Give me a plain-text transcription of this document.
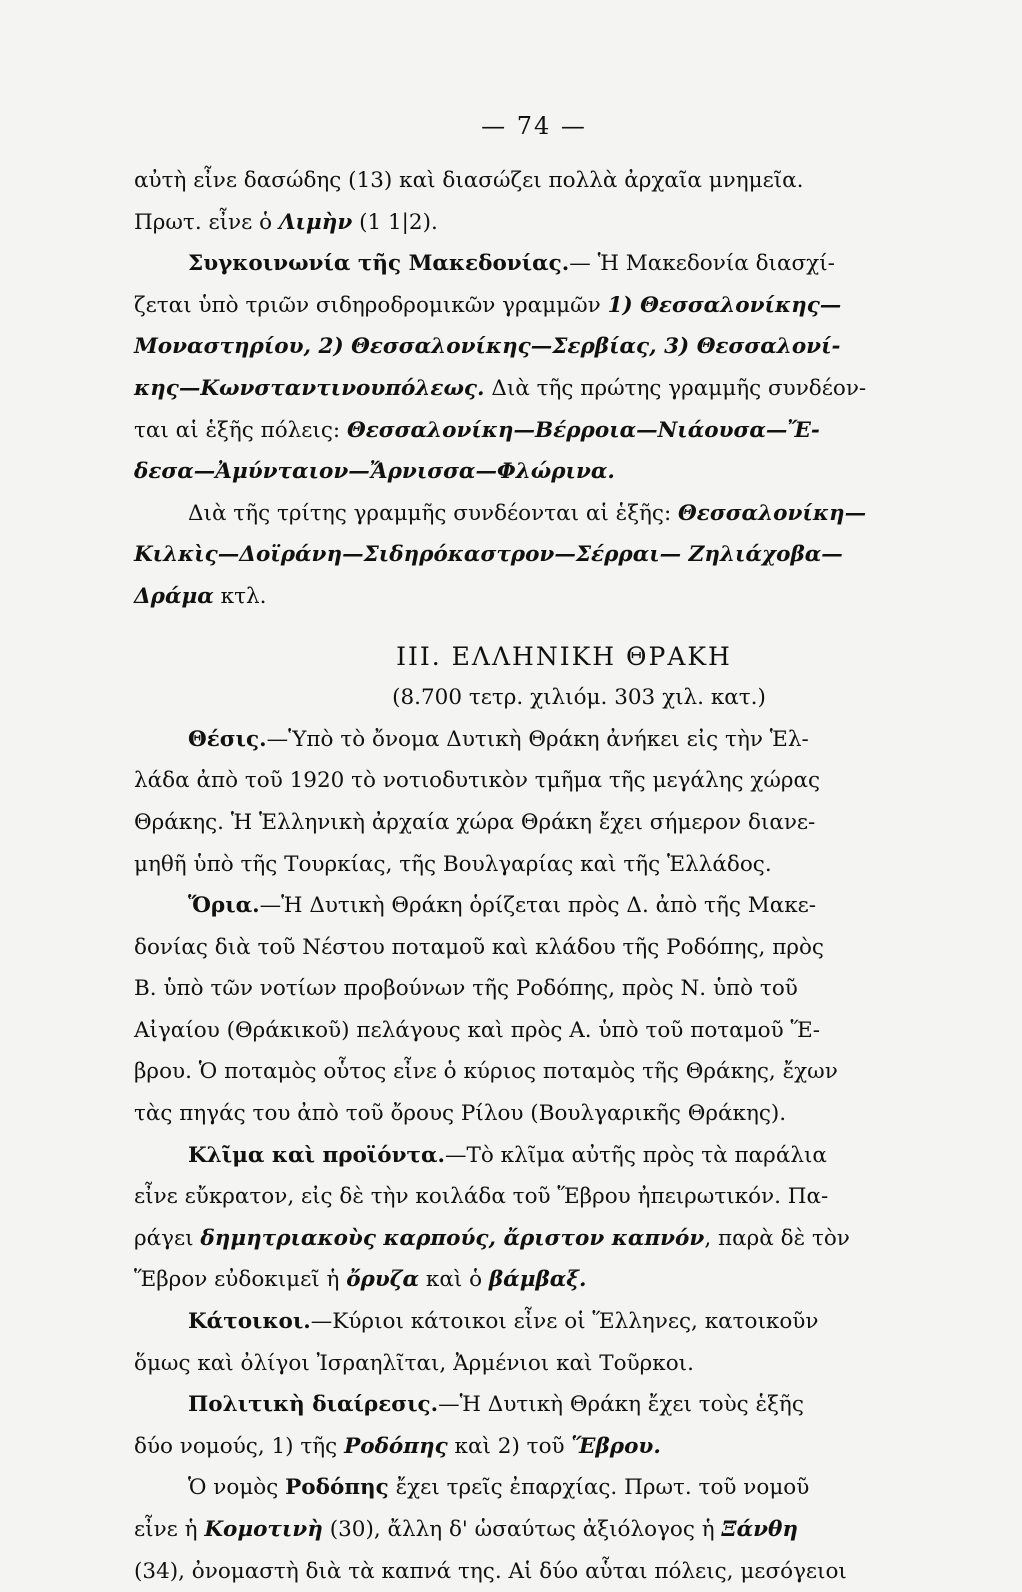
— 74 —
αὐτὴ εἶνε δασώδης (13) καὶ διασώζει πολλὰ ἀρχαῖα μνημεῖα.
Πρωτ. εἶνε ὁ Λιμὴν (1 1|2).
Συγκοινωνία τῆς Μακεδονίας.— Ἡ Μακεδονία διασχί-
ζεται ὑπὸ τριῶν σιδηροδρομικῶν γραμμῶν 1) Θεσσαλονίκης—
Μοναστηρίου, 2) Θεσσαλονίκης—Σερβίας, 3) Θεσσαλονί-
κης—Κωνσταντινουπόλεως. Διὰ τῆς πρώτης γραμμῆς συνδέον-
ται αἱ ἑξῆς πόλεις: Θεσσαλονίκη—Βέρροια—Νιάουσα—Ἔ-
δεσα—Ἀμύνταιον—Ἄρνισσα—Φλώρινα.
Διὰ τῆς τρίτης γραμμῆς συνδέονται αἱ ἑξῆς: Θεσσαλονίκη—
Κιλκὶς—Δοϊράνη—Σιδηρόκαστρον—Σέρραι— Ζηλιάχοβα—
Δράμα κτλ.
III. ΕΛΛΗΝΙΚΗ ΘΡΑΚΗ
(8.700 τετρ. χιλιόμ. 303 χιλ. κατ.)
Θέσις.—Ὑπὸ τὸ ὄνομα Δυτικὴ Θράκη ἀνήκει εἰς τὴν Ἑλ-
λάδα ἀπὸ τοῦ 1920 τὸ νοτιοδυτικὸν τμῆμα τῆς μεγάλης χώρας
Θράκης. Ἡ Ἑλληνικὴ ἀρχαία χώρα Θράκη ἔχει σήμερον διανε-
μηθῆ ὑπὸ τῆς Τουρκίας, τῆς Βουλγαρίας καὶ τῆς Ἑλλάδος.
Ὅρια.—Ἡ Δυτικὴ Θράκη ὁρίζεται πρὸς Δ. ἀπὸ τῆς Μακε-
δονίας διὰ τοῦ Νέστου ποταμοῦ καὶ κλάδου τῆς Ροδόπης, πρὸς
Β. ὑπὸ τῶν νοτίων προβούνων τῆς Ροδόπης, πρὸς Ν. ὑπὸ τοῦ
Αἰγαίου (Θράκικοῦ) πελάγους καὶ πρὸς Α. ὑπὸ τοῦ ποταμοῦ Ἕ-
βρου. Ὁ ποταμὸς οὗτος εἶνε ὁ κύριος ποταμὸς τῆς Θράκης, ἔχων
τὰς πηγάς του ἀπὸ τοῦ ὄρους Ρίλου (Βουλγαρικῆς Θράκης).
Κλῖμα καὶ προϊόντα.—Τὸ κλῖμα αὐτῆς πρὸς τὰ παράλια
εἶνε εὔκρατον, εἰς δὲ τὴν κοιλάδα τοῦ Ἕβρου ἠπειρωτικόν. Πα-
ράγει δημητριακοὺς καρπούς, ἄριστον καπνόν, παρὰ δὲ τὸν
Ἕβρον εὐδοκιμεῖ ἡ ὄρυζα καὶ ὁ βάμβαξ.
Κάτοικοι.—Κύριοι κάτοικοι εἶνε οἱ Ἕλληνες, κατοικοῦν
ὅμως καὶ ὀλίγοι Ἰσραηλῖται, Ἀρμένιοι καὶ Τοῦρκοι.
Πολιτικὴ διαίρεσις.—Ἡ Δυτικὴ Θράκη ἔχει τοὺς ἑξῆς
δύο νομούς, 1) τῆς Ροδόπης καὶ 2) τοῦ Ἕβρου.
Ὁ νομὸς Ροδόπης ἔχει τρεῖς ἐπαρχίας. Πρωτ. τοῦ νομοῦ
εἶνε ἡ Κομοτινὴ (30), ἄλλη δ' ὡσαύτως ἀξιόλογος ἡ Ξάνθη
(34), ὀνομαστὴ διὰ τὰ καπνά της. Αἱ δύο αὗται πόλεις, μεσόγειοι
